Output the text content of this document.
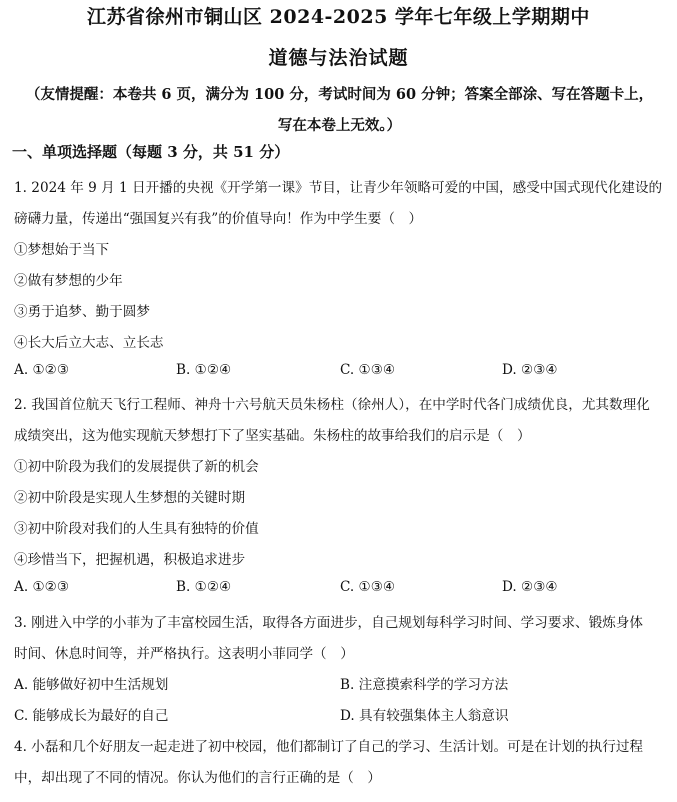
江苏省徐州市铜山区 2024-2025 学年七年级上学期期中
道德与法治试题
（友情提醒：本卷共 6 页，满分为 100 分，考试时间为 60 分钟；答案全部涂、写在答题卡上，
写在本卷上无效。）
一、单项选择题（每题 3 分，共 51 分）
1. 2024 年 9 月 1 日开播的央视《开学第一课》节目，让青少年领略可爱的中国，感受中国式现代化建设的
磅礴力量，传递出“强国复兴有我”的价值导向！作为中学生要（　）
①梦想始于当下
②做有梦想的少年
③勇于追梦、勤于圆梦
④长大后立大志、立长志
A. ①②③	B. ①②④	C. ①③④	D. ②③④
2. 我国首位航天飞行工程师、神舟十六号航天员朱杨柱（徐州人），在中学时代各门成绩优良，尤其数理化
成绩突出，这为他实现航天梦想打下了坚实基础。朱杨柱的故事给我们的启示是（　）
①初中阶段为我们的发展提供了新的机会
②初中阶段是实现人生梦想的关键时期
③初中阶段对我们的人生具有独特的价值
④珍惜当下，把握机遇，积极追求进步
A. ①②③	B. ①②④	C. ①③④	D. ②③④
3. 刚进入中学的小菲为了丰富校园生活，取得各方面进步，自己规划每科学习时间、学习要求、锻炼身体
时间、休息时间等，并严格执行。这表明小菲同学（　）
A. 能够做好初中生活规划	B. 注意摸索科学的学习方法
C. 能够成长为最好的自己	D. 具有较强集体主人翁意识
4. 小磊和几个好朋友一起走进了初中校园，他们都制订了自己的学习、生活计划。可是在计划的执行过程
中，却出现了不同的情况。你认为他们的言行正确的是（　）
